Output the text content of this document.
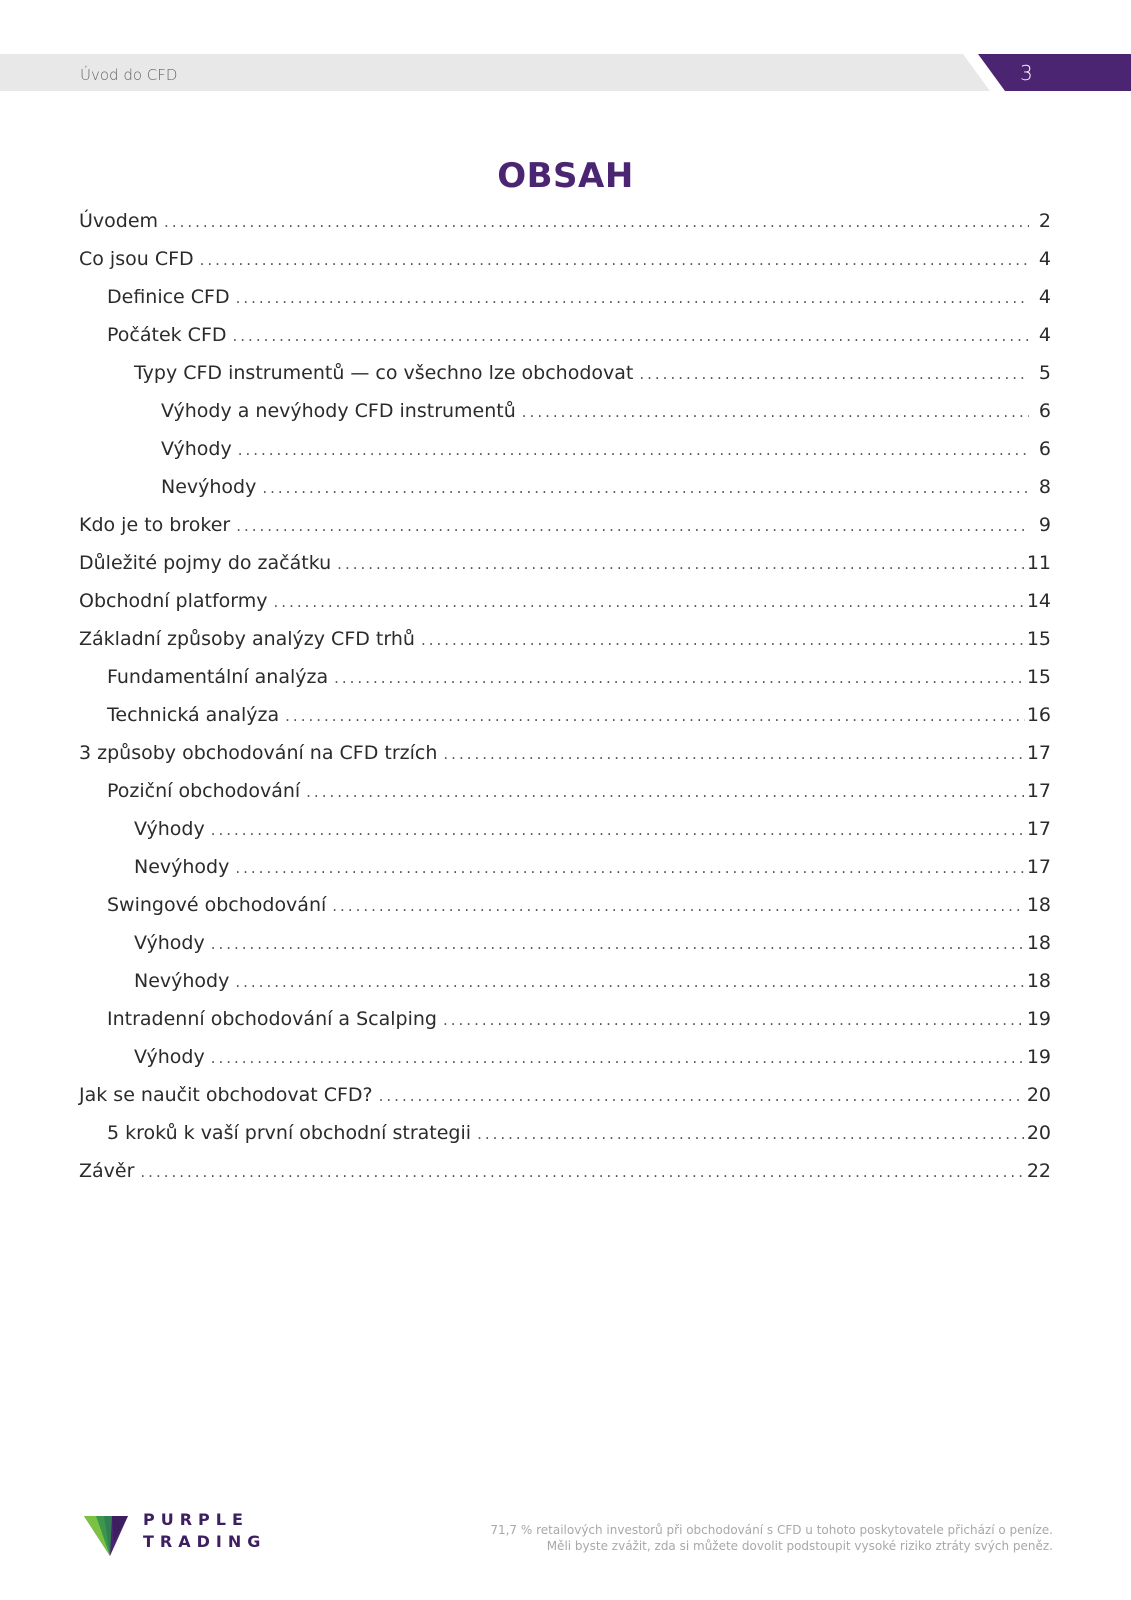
Úvod do CFD	3
OBSAH
Úvodem .....	2
Co jsou CFD .....	4
Definice CFD .....	4
Počátek CFD .....	4
Typy CFD instrumentů — co všechno lze obchodovat .....	5
Výhody a nevýhody CFD instrumentů .....	6
Výhody .....	6
Nevýhody .....	8
Kdo je to broker .....	9
Důležité pojmy do začátku .....	11
Obchodní platformy .....	14
Základní způsoby analýzy CFD trhů .....	15
Fundamentální analýza .....	15
Technická analýza .....	16
3 způsoby obchodování na CFD trzích .....	17
Poziční obchodování .....	17
Výhody .....	17
Nevýhody .....	17
Swingové obchodování .....	18
Výhody .....	18
Nevýhody .....	18
Intradenní obchodování a Scalping .....	19
Výhody .....	19
Jak se naučit obchodovat CFD? .....	20
5 kroků k vaší první obchodní strategii .....	20
Závěr .....	22
PURPLE
TRADING
71,7 % retailových investorů při obchodování s CFD u tohoto poskytovatele přichází o peníze.
Měli byste zvážit, zda si můžete dovolit podstoupit vysoké riziko ztráty svých peněz.
